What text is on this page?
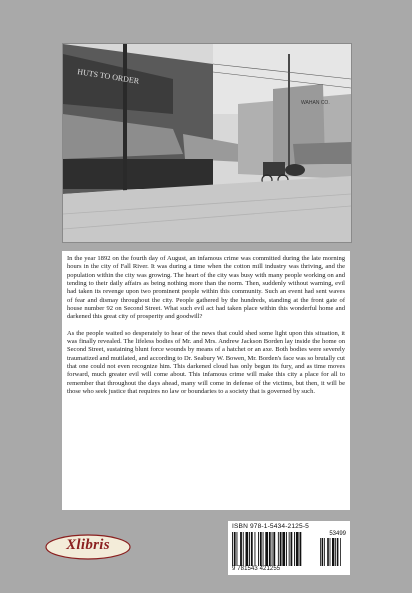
HUTS TO ORDER
WAHAN CO.

In the year 1892 on the fourth day of August, an infamous crime was committed during the late morning hours in the city of Fall River. It was during a time when the cotton mill industry was thriving, and the population within the city was growing. The heart of the city was busy with many people working on and tending to their daily affairs as being nothing more than the norm. Then, suddenly without warning, evil had taken its revenge upon two prominent people within this community. Such an event had sent waves of fear and dismay throughout the city. People gathered by the hundreds, standing at the front gate of house number 92 on Second Street. What such evil act had taken place within this wonderful home and darkened this great city of prosperity and goodwill?

As the people waited so desperately to hear of the news that could shed some light upon this situation, it was finally revealed. The lifeless bodies of Mr. and Mrs. Andrew Jackson Borden lay inside the home on Second Street, sustaining blunt force wounds by means of a hatchet or an axe. Both bodies were severely traumatized and mutilated, and according to Dr. Seabury W. Bowen, Mr. Borden's face was so brutally cut that one could not even recognize him. This darkened cloud has only begun its fury, and as time moves forward, much greater evil will come about. This infamous crime will make this city a place for all to remember that throughout the days ahead, many will come in defense of the victims, but then, it will be those who seek justice that requires no law or boundaries to a society that is governed by such.

ISBN 978-1-5434-2125-5
53499
9 781543 421255
Xlibris
